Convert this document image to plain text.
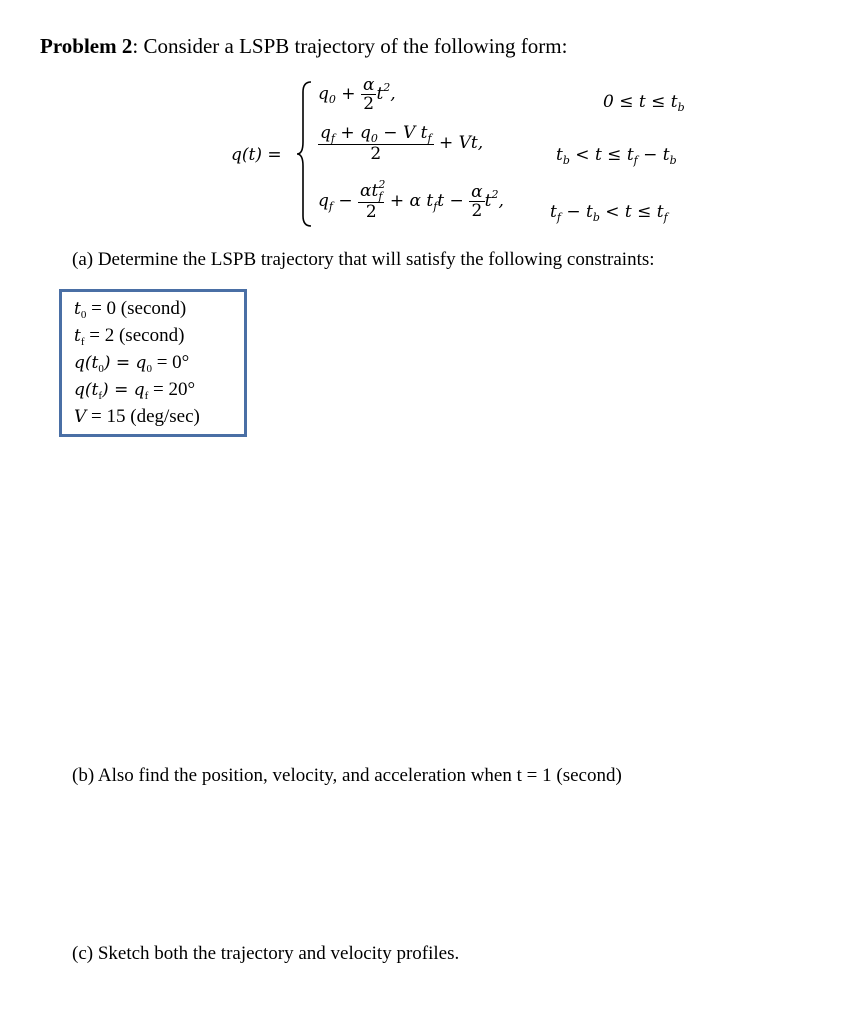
Problem 2: Consider a LSPB trajectory of the following form:
q(t) =
$q_0 + \frac{\alpha}{2} t^2$,	$0 \le t \le t_b$
$\frac{q_f + q_0 - V t_f}{2} + Vt$,
$t_b < t \le t_f - t_b$
$q_f - \frac{\alpha t^2_f}{2} + \alpha$ $t_ft - \frac{\alpha}{2} t^2$,
$t_f - t_b < t \le t_f$
(a) Determine the LSPB trajectory that will satisfy the following constraints:
$t_0 = 0$ (second)
$t_f = 2$ (second)
$q(t_0) = q_0 = 0^\circ$
$q(t_f) = q_f = 20^\circ$
V = 15 (deg/sec)
(b) Also find the position, velocity, and acceleration when t = 1 (second)
(c) Sketch both the trajectory and velocity profiles.
